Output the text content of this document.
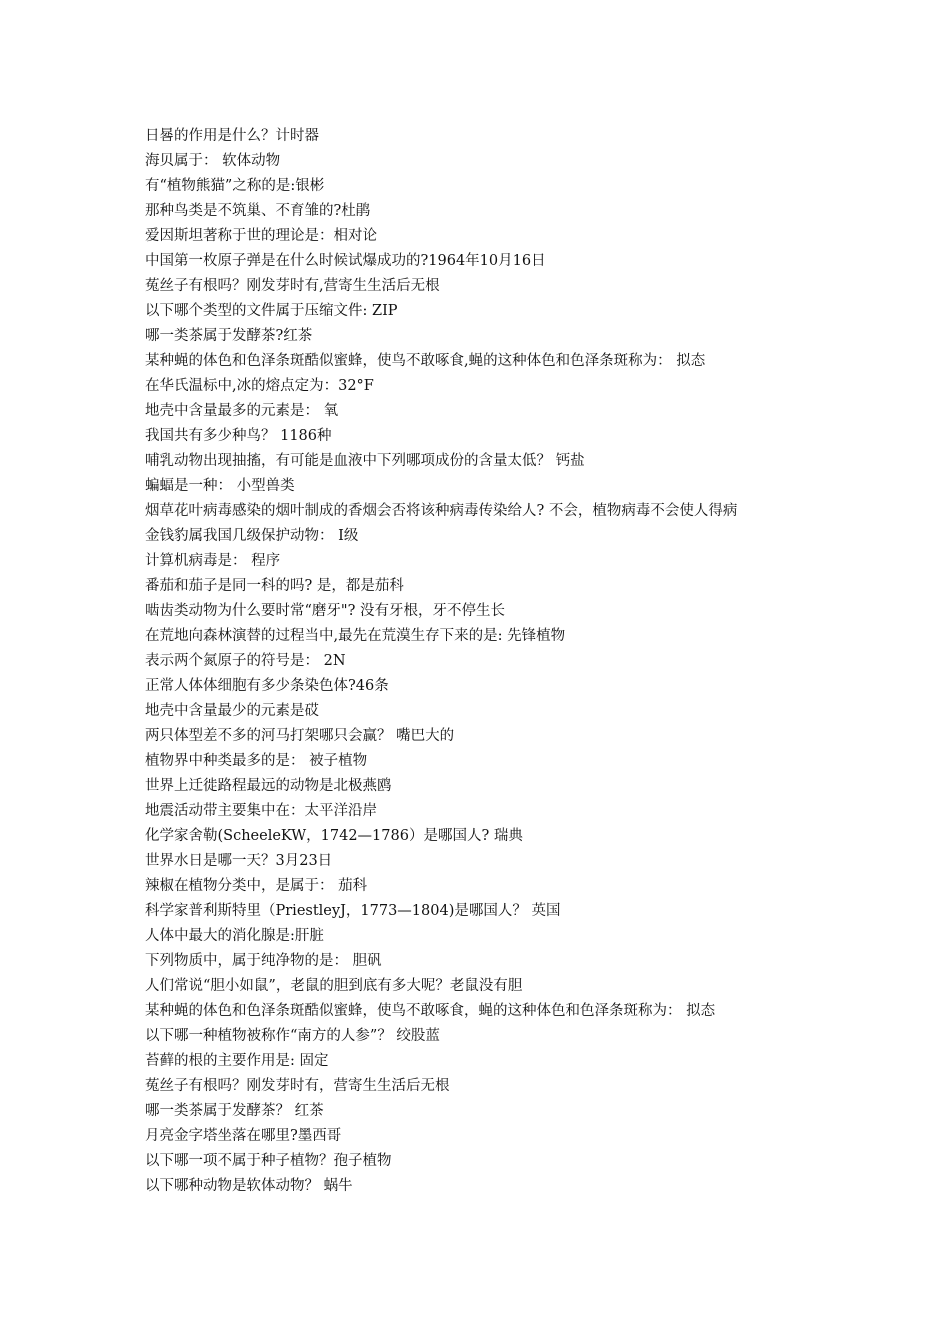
日晷的作用是什么？计时器

海贝属于： 软体动物

有“植物熊猫”之称的是:银彬

那种鸟类是不筑巢、不育雏的?杜鹃

爱因斯坦著称于世的理论是：相对论

中国第一枚原子弹是在什么时候试爆成功的?1964年10月16日

菟丝子有根吗？刚发芽时有,营寄生生活后无根

以下哪个类型的文件属于压缩文件: ZIP

哪一类茶属于发酵茶?红茶

某种蝇的体色和色泽条斑酷似蜜蜂，使鸟不敢啄食,蝇的这种体色和色泽条斑称为： 拟态

在华氏温标中,冰的熔点定为：32°F

地壳中含量最多的元素是： 氧

我国共有多少种鸟？ 1186种

哺乳动物出现抽搐，有可能是血液中下列哪项成份的含量太低？ 钙盐

蝙蝠是一种： 小型兽类

烟草花叶病毒感染的烟叶制成的香烟会否将该种病毒传染给人? 不会，植物病毒不会使人得病

金钱豹属我国几级保护动物： I级

计算机病毒是： 程序

番茄和茄子是同一科的吗? 是，都是茄科

啮齿类动物为什么要时常“磨牙"? 没有牙根，牙不停生长

在荒地向森林演替的过程当中,最先在荒漠生存下来的是: 先锋植物

表示两个氮原子的符号是： 2N

正常人体体细胞有多少条染色体?46条

地壳中含量最少的元素是砹

两只体型差不多的河马打架哪只会赢？ 嘴巴大的

植物界中种类最多的是： 被子植物

世界上迁徙路程最远的动物是北极燕鸥

地震活动带主要集中在：太平洋沿岸

化学家舍勒(ScheeleKW，1742—1786）是哪国人? 瑞典

世界水日是哪一天？3月23日

辣椒在植物分类中，是属于： 茄科

科学家普利斯特里（PriestleyJ，1773—1804)是哪国人？ 英国

人体中最大的消化腺是:肝脏

下列物质中，属于纯净物的是： 胆矾

人们常说“胆小如鼠”，老鼠的胆到底有多大呢？老鼠没有胆

某种蝇的体色和色泽条斑酷似蜜蜂，使鸟不敢啄食，蝇的这种体色和色泽条斑称为： 拟态

以下哪一种植物被称作“南方的人参”？ 绞股蓝

苔藓的根的主要作用是: 固定

菟丝子有根吗？刚发芽时有，营寄生生活后无根

哪一类茶属于发酵茶？ 红茶

月亮金字塔坐落在哪里?墨西哥

以下哪一项不属于种子植物？孢子植物

以下哪种动物是软体动物？ 蜗牛
